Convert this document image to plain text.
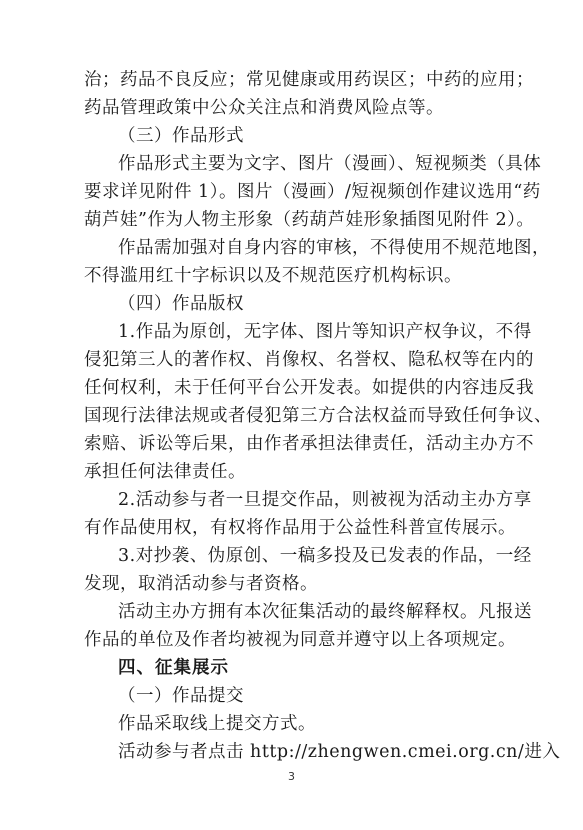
治；药品不良反应；常见健康或用药误区；中药的应用；
药品管理政策中公众关注点和消费风险点等。
（三）作品形式
作品形式主要为文字、图片（漫画）、短视频类（具体
要求详见附件 1）。图片（漫画）/短视频创作建议选用“药
葫芦娃”作为人物主形象（药葫芦娃形象插图见附件 2）。
作品需加强对自身内容的审核，不得使用不规范地图，
不得滥用红十字标识以及不规范医疗机构标识。
（四）作品版权
1.作品为原创，无字体、图片等知识产权争议，不得
侵犯第三人的著作权、肖像权、名誉权、隐私权等在内的
任何权利，未于任何平台公开发表。如提供的内容违反我
国现行法律法规或者侵犯第三方合法权益而导致任何争议、
索赔、诉讼等后果，由作者承担法律责任，活动主办方不
承担任何法律责任。
2.活动参与者一旦提交作品，则被视为活动主办方享
有作品使用权，有权将作品用于公益性科普宣传展示。
3.对抄袭、伪原创、一稿多投及已发表的作品，一经
发现，取消活动参与者资格。
活动主办方拥有本次征集活动的最终解释权。凡报送
作品的单位及作者均被视为同意并遵守以上各项规定。
四、征集展示
（一）作品提交
作品采取线上提交方式。
活动参与者点击 http://zhengwen.cmei.org.cn/进入
3
